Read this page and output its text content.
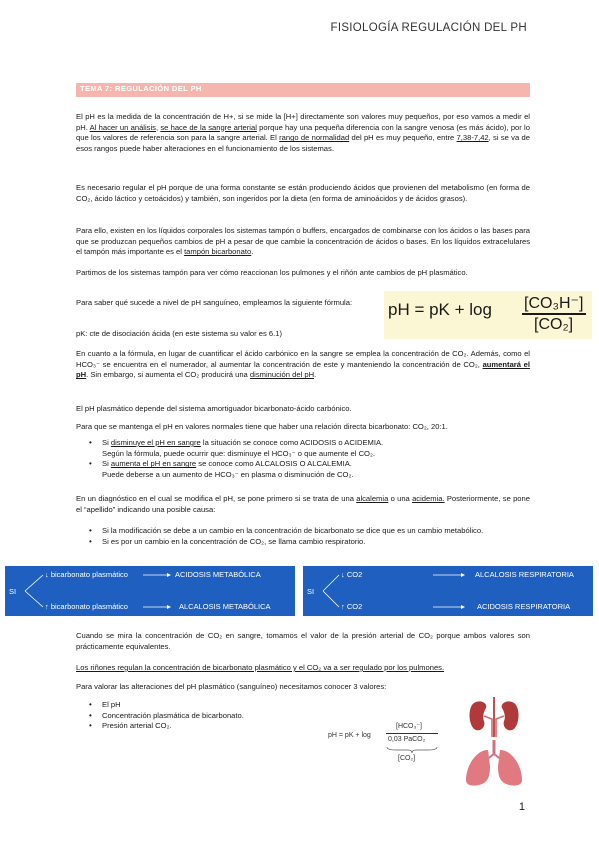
FISIOLOGÍA REGULACIÓN DEL PH
TEMA 7: REGULACIÓN DEL PH
El pH es la medida de la concentración de H+, si se mide la [H+] directamente son valores muy pequeños, por eso vamos a medir el pH. Al hacer un análisis, se hace de la sangre arterial porque hay una pequeña diferencia con la sangre venosa (es más ácido), por lo que los valores de referencia son para la sangre arterial. El rango de normalidad del pH es muy pequeño, entre 7,38-7,42, si se va de esos rangos puede haber alteraciones en el funcionamiento de los sistemas.
Es necesario regular el pH porque de una forma constante se están produciendo ácidos que provienen del metabolismo (en forma de CO₂, ácido láctico y cetoácidos) y también, son ingeridos por la dieta (en forma de aminoácidos y de ácidos grasos).
Para ello, existen en los líquidos corporales los sistemas tampón o buffers, encargados de combinarse con los ácidos o las bases para que se produzcan pequeños cambios de pH a pesar de que cambie la concentración de ácidos o bases. En los líquidos extracelulares el tampón más importante es el tampón bicarbonato.
Partimos de los sistemas tampón para ver cómo reaccionan los pulmones y el riñón ante cambios de pH plasmático.
Para saber qué sucede a nivel de pH sanguíneo, empleamos la siguiente fórmula:
pK: cte de disociación ácida (en este sistema su valor es 6.1)
pH = pK + log [CO₃H⁻]
[CO₂]
En cuanto a la fórmula, en lugar de cuantificar el ácido carbónico en la sangre se emplea la concentración de CO₂. Además, como el HCO₃⁻ se encuentra en el numerador, al aumentar la concentración de este y manteniendo la concentración de CO₂, aumentará el pH. Sin embargo, si aumenta el CO₂ producirá una disminución del pH.
El pH plasmático depende del sistema amortiguador bicarbonato-ácido carbónico.
Para que se mantenga el pH en valores normales tiene que haber una relación directa bicarbonato: CO₂, 20:1.
• Si disminuye el pH en sangre la situación se conoce como ACIDOSIS o ACIDEMIA.
Según la fórmula, puede ocurrir que: disminuye el HCO₃⁻ o que aumente el CO₂.
• Si aumenta el pH en sangre se conoce como ALCALOSIS O ALCALEMIA.
Puede deberse a un aumento de HCO₃⁻ en plasma o disminución de CO₂.
En un diagnóstico en el cual se modifica el pH, se pone primero si se trata de una alcalemia o una acidemia. Posteriormente, se pone el “apellido” indicando una posible causa:
• Si la modificación se debe a un cambio en la concentración de bicarbonato se dice que es un cambio metabólico.
• Si es por un cambio en la concentración de CO₂, se llama cambio respiratorio.
SI
↓ bicarbonato plasmático	ACIDOSIS METABÓLICA
↑ bicarbonato plasmático	ALCALOSIS METABÓLICA
SI
↓ CO2	ALCALOSIS RESPIRATORIA
↑ CO2	ACIDOSIS RESPIRATORIA
Cuando se mira la concentración de CO₂ en sangre, tomamos el valor de la presión arterial de CO₂ porque ambos valores son prácticamente equivalentes.
Los riñones regulan la concentración de bicarbonato plasmático y el CO₂ va a ser regulado por los pulmones.
Para valorar las alteraciones del pH plasmático (sanguíneo) necesitamos conocer 3 valores:
• El pH
• Concentración plasmática de bicarbonato.
• Presión arterial CO₂.
pH = pK + log
[HCO₃⁻]
0,03 PaCO₂
[CO₂]
1
